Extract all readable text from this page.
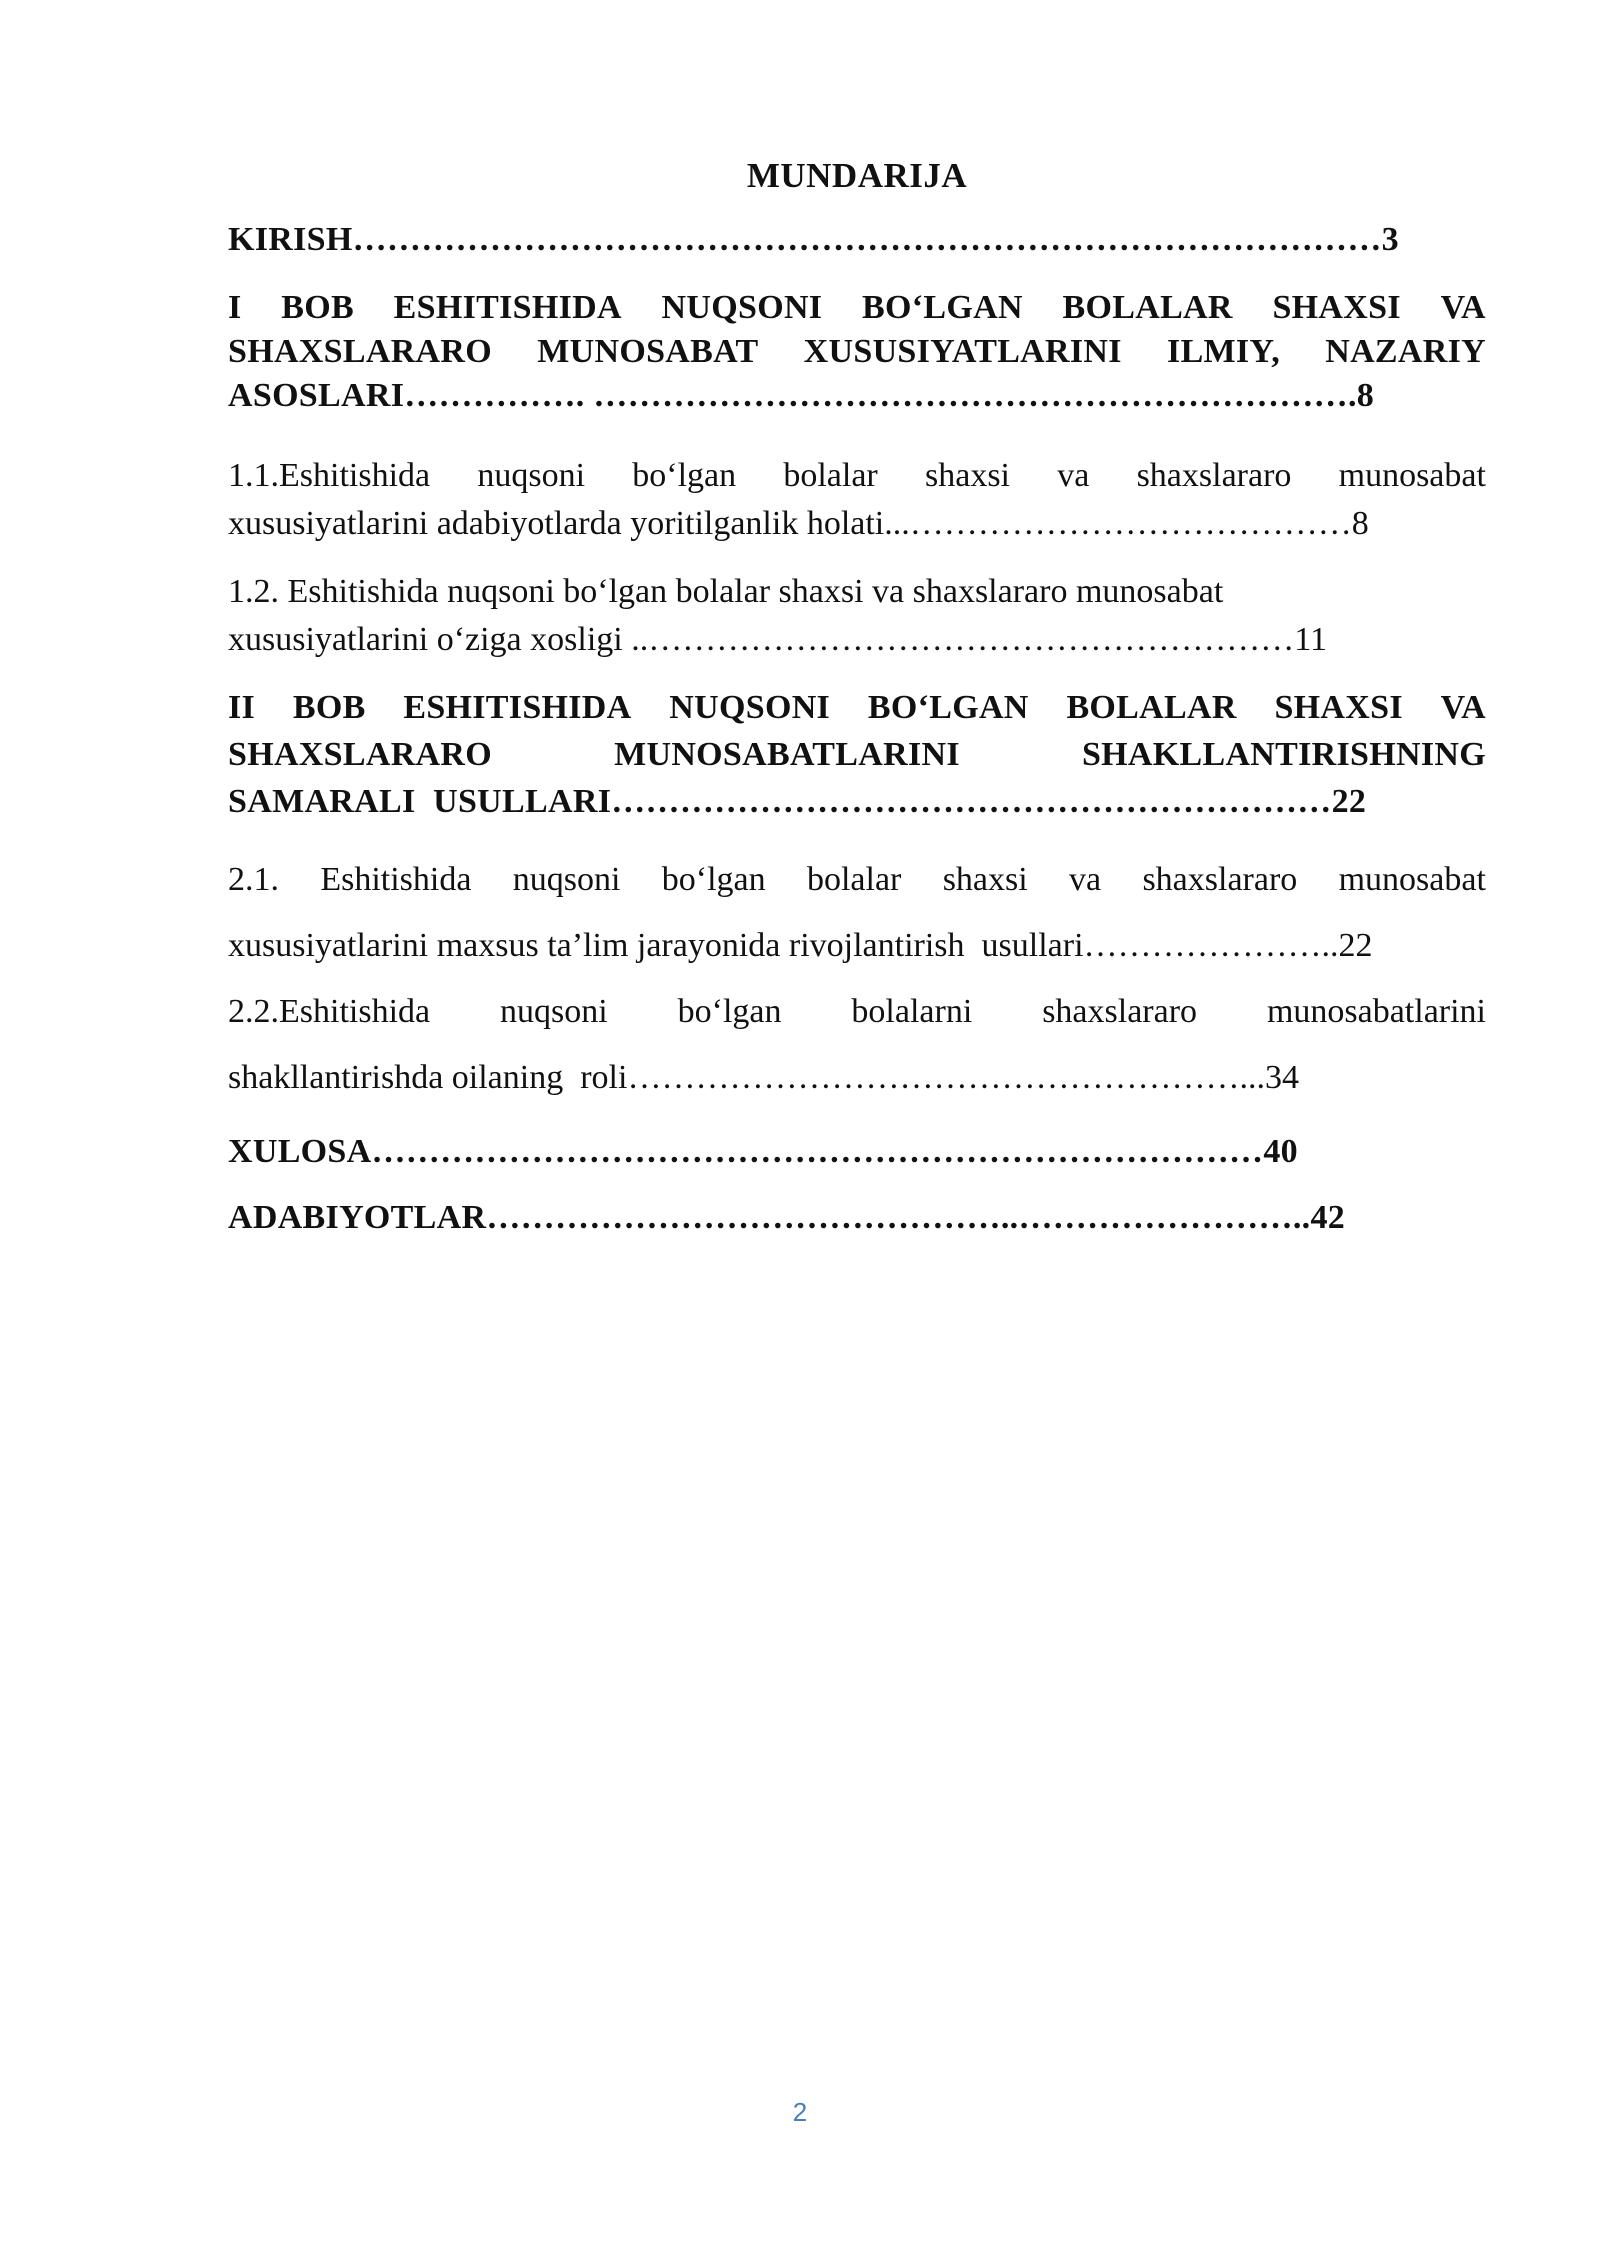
MUNDARIJA
KIRISH ……………………………………………………………………………… 3
I BOB ESHITISHIDA NUQSONI BO‘LGAN BOLALAR SHAXSI VA
SHAXSLARARO MUNOSABAT XUSUSIYATLARINI ILMIY, NAZARIY
ASOSLARI ……………. …………………………………………………………. 8
1.1.Eshitishida nuqsoni bo‘lgan bolalar shaxsi va shaxslararo munosabat
xususiyatlarini adabiyotlarda yoritilganlik holati.. .………………………………… 8
1.2. Eshitishida nuqsoni bo‘lgan bolalar shaxsi va shaxslararo munosabat
xususiyatlarini o‘ziga xosligi ..………………………………………………… 11
II BOB ESHITISHIDA NUQSONI BO‘LGAN BOLALAR SHAXSI VA
SHAXSLARARO	MUNOSABATLARINI	SHAKLLANTIRISHNING
SAMARALI  USULLARI ……………………………………………………… 22
2.1. Eshitishida nuqsoni bo‘lgan bolalar shaxsi va shaxslararo munosabat
xususiyatlarini maxsus ta’lim jarayonida rivojlantirish  usullari ………………….. 22
2.2.Eshitishida nuqsoni bo‘lgan bolalarni shaxslararo munosabatlarini
shakllantirishda oilaning  roli ………………………………………………... 34
XULOSA …………………………………………………………………… 40
ADABIYOTLAR ………………………………………..…………………….. 42
2
